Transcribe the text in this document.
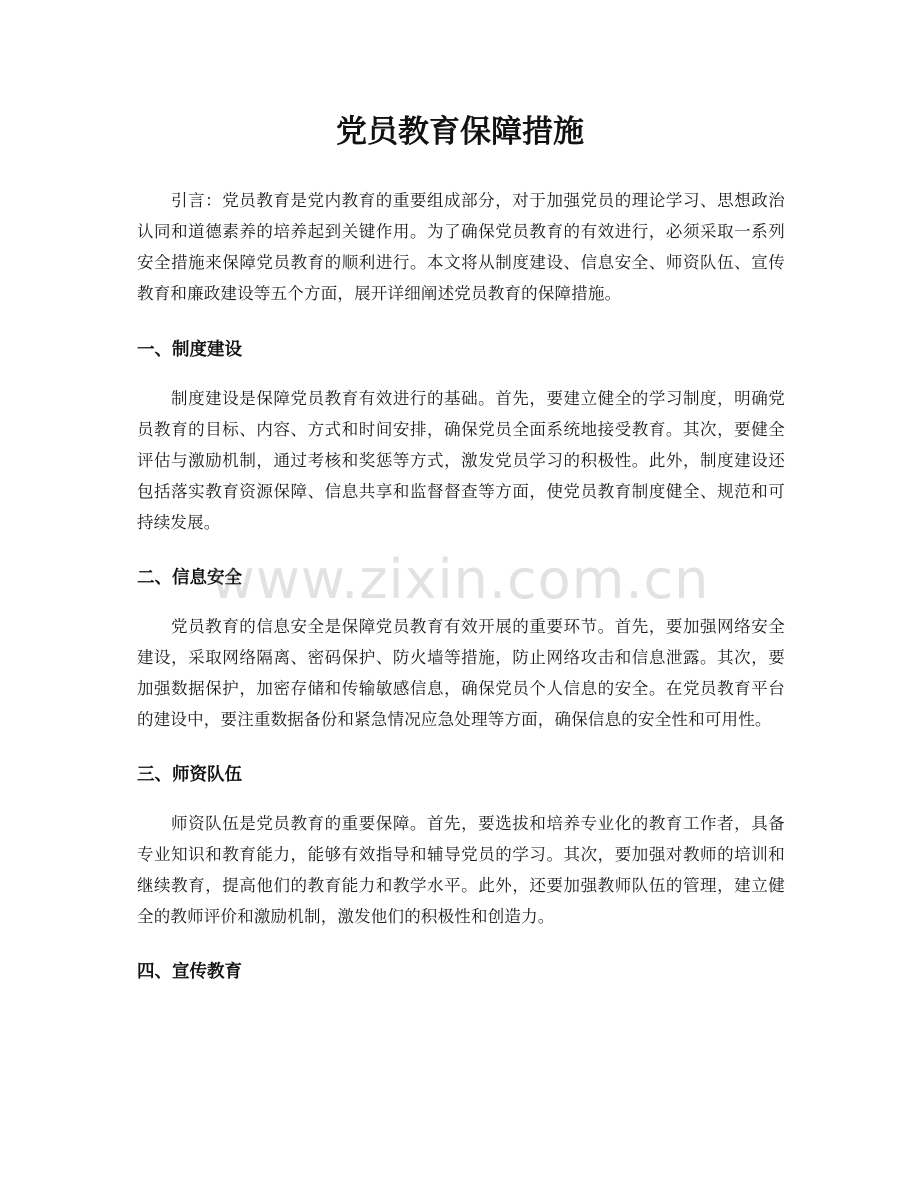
党员教育保障措施

引言：党员教育是党内教育的重要组成部分，对于加强党员的理论学习、思想政治认同和道德素养的培养起到关键作用。为了确保党员教育的有效进行，必须采取一系列安全措施来保障党员教育的顺利进行。本文将从制度建设、信息安全、师资队伍、宣传教育和廉政建设等五个方面，展开详细阐述党员教育的保障措施。

一、制度建设

制度建设是保障党员教育有效进行的基础。首先，要建立健全的学习制度，明确党员教育的目标、内容、方式和时间安排，确保党员全面系统地接受教育。其次，要健全评估与激励机制，通过考核和奖惩等方式，激发党员学习的积极性。此外，制度建设还包括落实教育资源保障、信息共享和监督督查等方面，使党员教育制度健全、规范和可持续发展。

二、信息安全

党员教育的信息安全是保障党员教育有效开展的重要环节。首先，要加强网络安全建设，采取网络隔离、密码保护、防火墙等措施，防止网络攻击和信息泄露。其次，要加强数据保护，加密存储和传输敏感信息，确保党员个人信息的安全。在党员教育平台的建设中，要注重数据备份和紧急情况应急处理等方面，确保信息的安全性和可用性。

三、师资队伍

师资队伍是党员教育的重要保障。首先，要选拔和培养专业化的教育工作者，具备专业知识和教育能力，能够有效指导和辅导党员的学习。其次，要加强对教师的培训和继续教育，提高他们的教育能力和教学水平。此外，还要加强教师队伍的管理，建立健全的教师评价和激励机制，激发他们的积极性和创造力。

四、宣传教育
www.zixin.com.cn
